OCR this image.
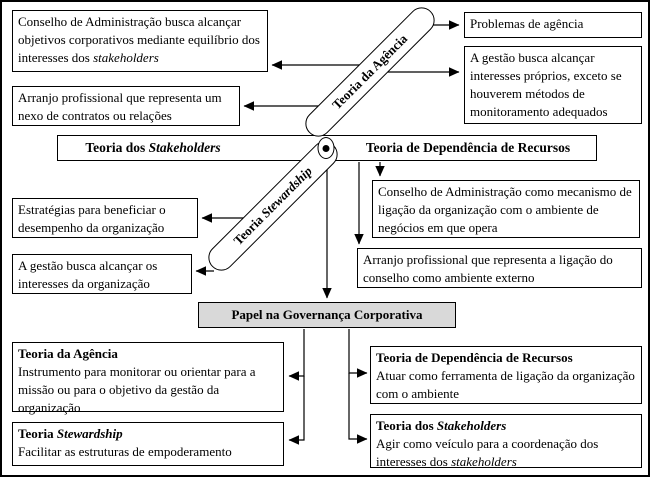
Conselho de Administração busca alcançar objetivos corporativos mediante equilíbrio dos interesses dos stakeholders
Arranjo profissional que representa um nexo de contratos ou relações
Problemas de agência
A gestão busca alcançar interesses próprios, exceto se houverem métodos de monitoramento adequados
Teoria dos Stakeholders	Teoria de Dependência de Recursos
Teoria da Agência
Teoria Stewardship
Estratégias para beneficiar o desempenho da organização
A gestão busca alcançar os interesses da organização
Conselho de Administração como mecanismo de ligação da organização com o ambiente de negócios em que opera
Arranjo profissional que representa a ligação do conselho como ambiente externo
Papel na Governança Corporativa
Teoria da Agência
Instrumento para monitorar ou orientar para a missão ou para o objetivo da gestão da organização
Teoria Stewardship
Facilitar as estruturas de empoderamento
Teoria de Dependência de Recursos
Atuar como ferramenta de ligação da organização com o ambiente
Teoria dos Stakeholders
Agir como veículo para a coordenação dos interesses dos stakeholders
